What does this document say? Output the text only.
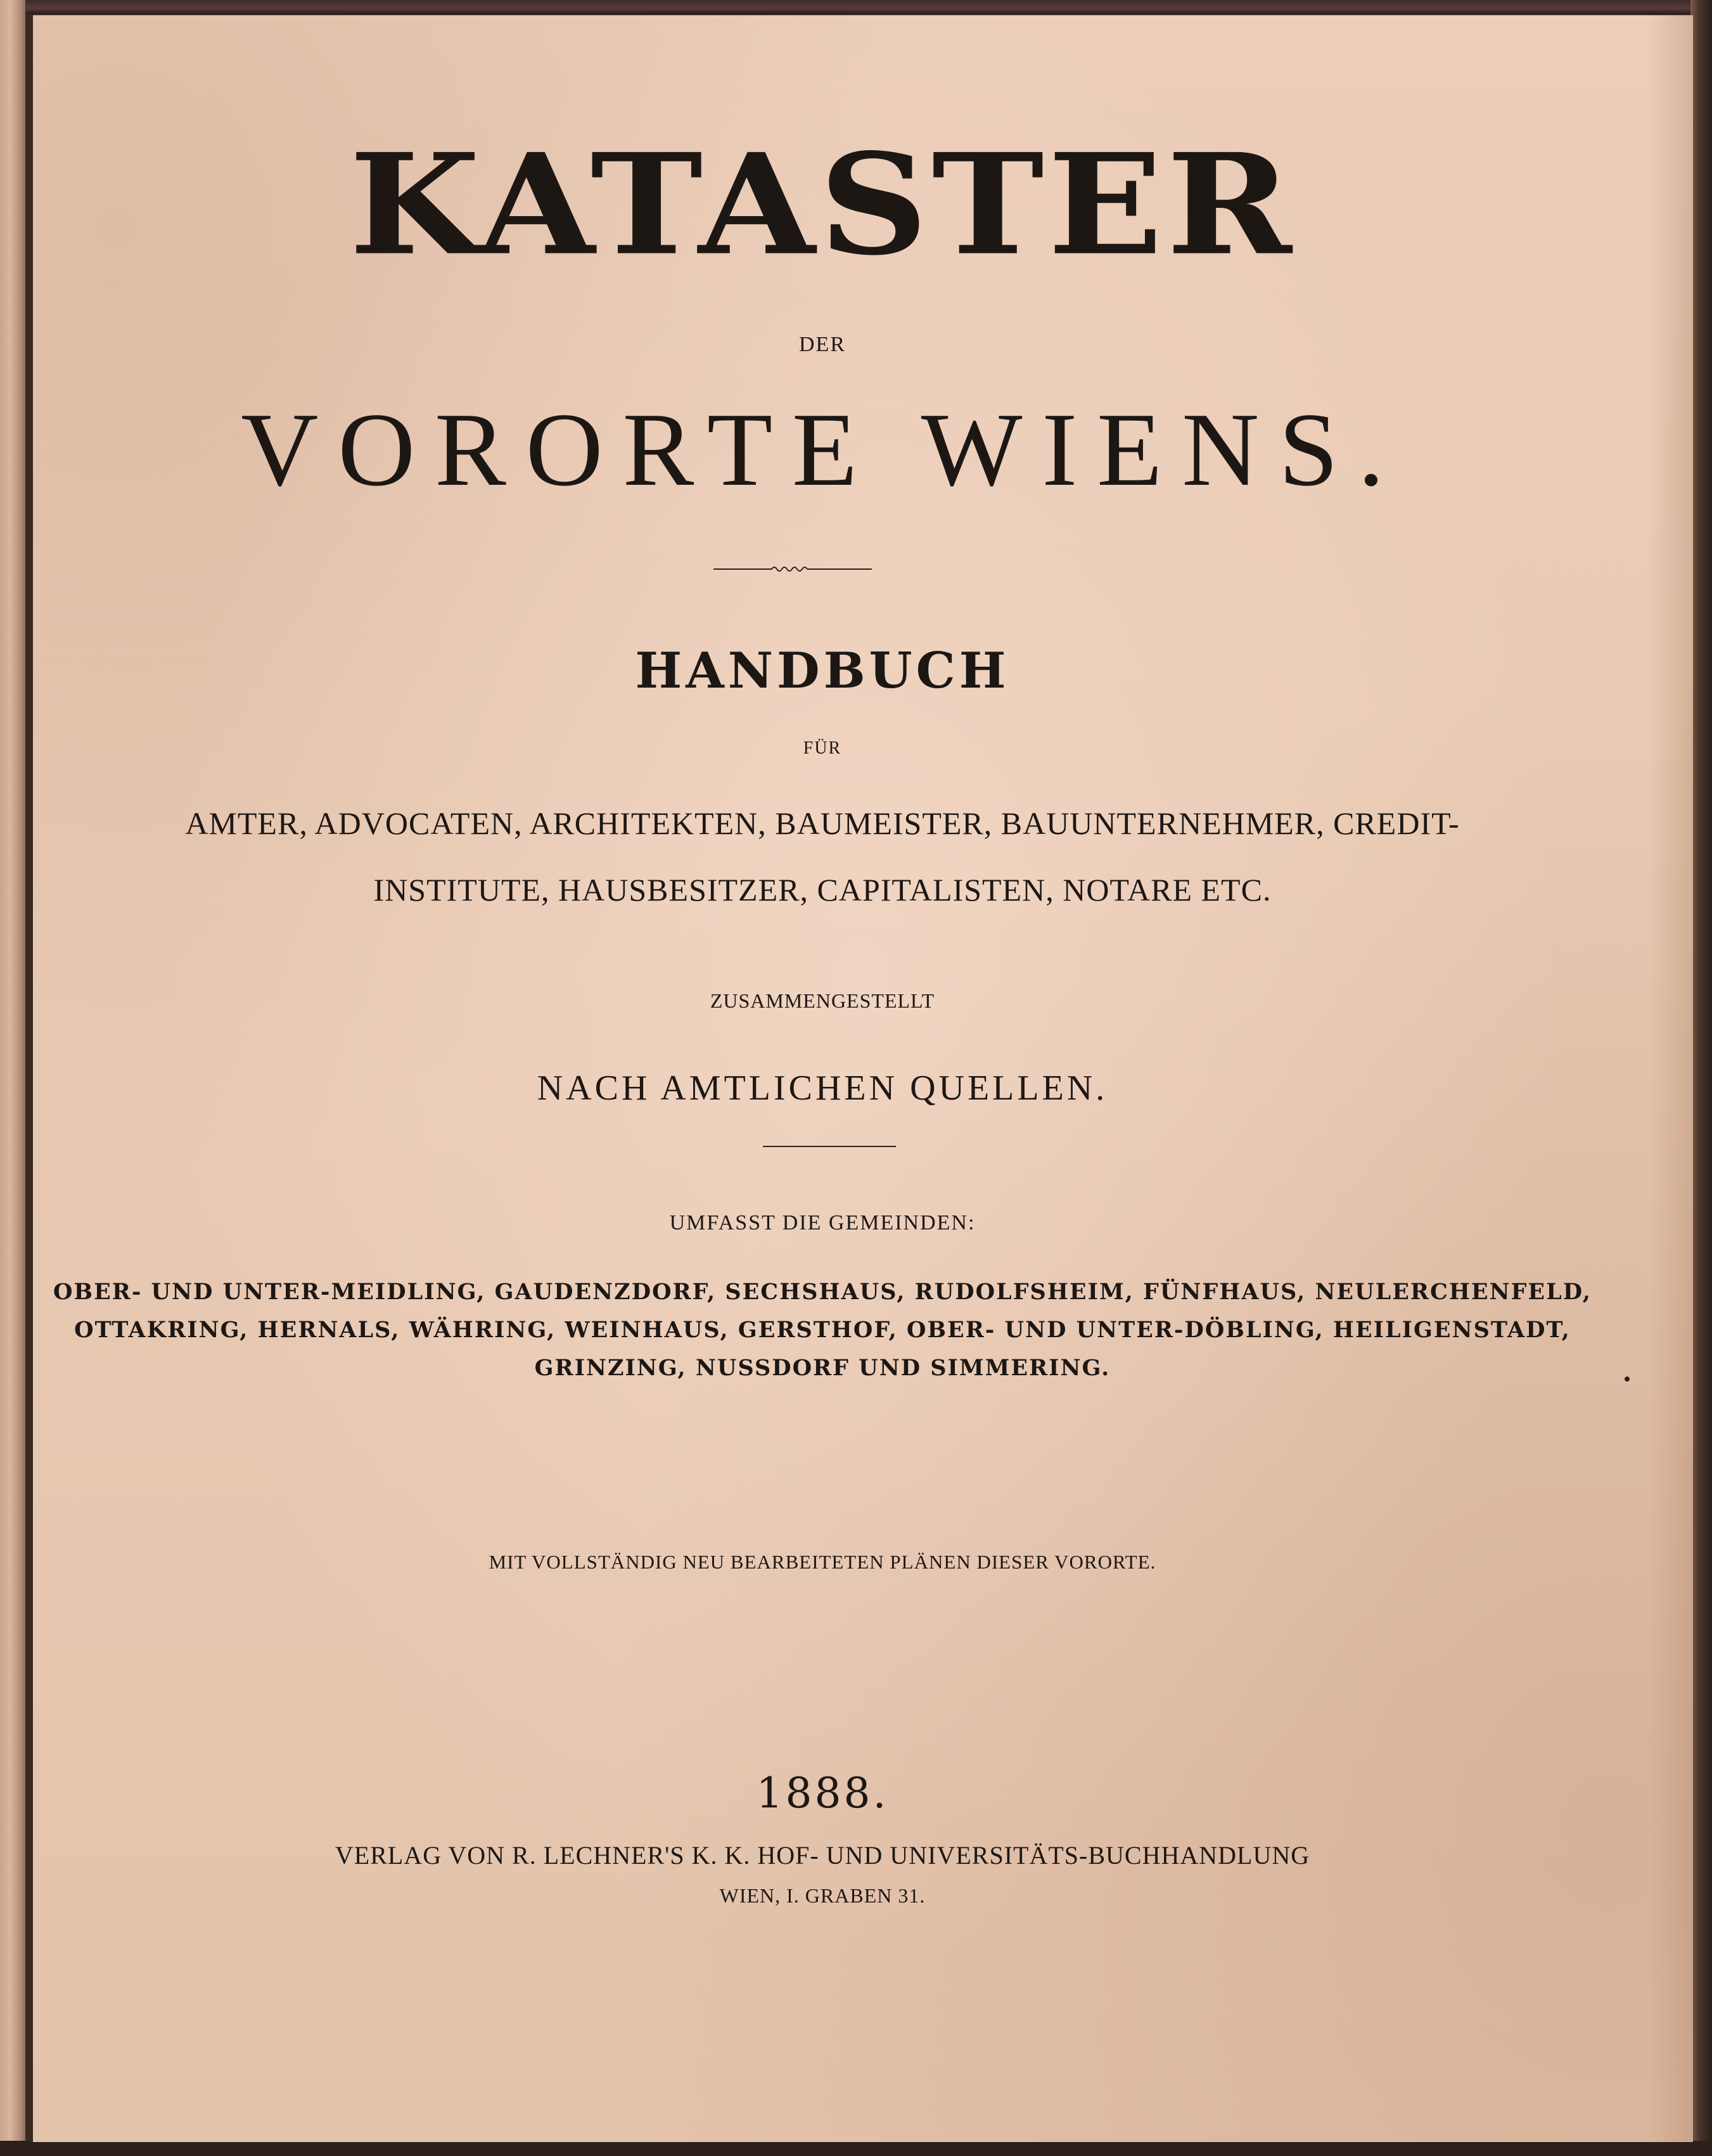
KATASTER
DER
VORORTE WIENS.
HANDBUCH
FÜR
AMTER, ADVOCATEN, ARCHITEKTEN, BAUMEISTER, BAUUNTERNEHMER, CREDIT-
INSTITUTE, HAUSBESITZER, CAPITALISTEN, NOTARE ETC.
ZUSAMMENGESTELLT
NACH AMTLICHEN QUELLEN.
UMFASST DIE GEMEINDEN:
OBER- UND UNTER-MEIDLING, GAUDENZDORF, SECHSHAUS, RUDOLFSHEIM, FÜNFHAUS, NEULERCHENFELD,
OTTAKRING, HERNALS, WÄHRING, WEINHAUS, GERSTHOF, OBER- UND UNTER-DÖBLING, HEILIGENSTADT,
GRINZING, NUSSDORF UND SIMMERING.
MIT VOLLSTÄNDIG NEU BEARBEITETEN PLÄNEN DIESER VORORTE.
1888.
VERLAG VON R. LECHNER'S K. K. HOF- UND UNIVERSITÄTS-BUCHHANDLUNG
WIEN, I. GRABEN 31.
